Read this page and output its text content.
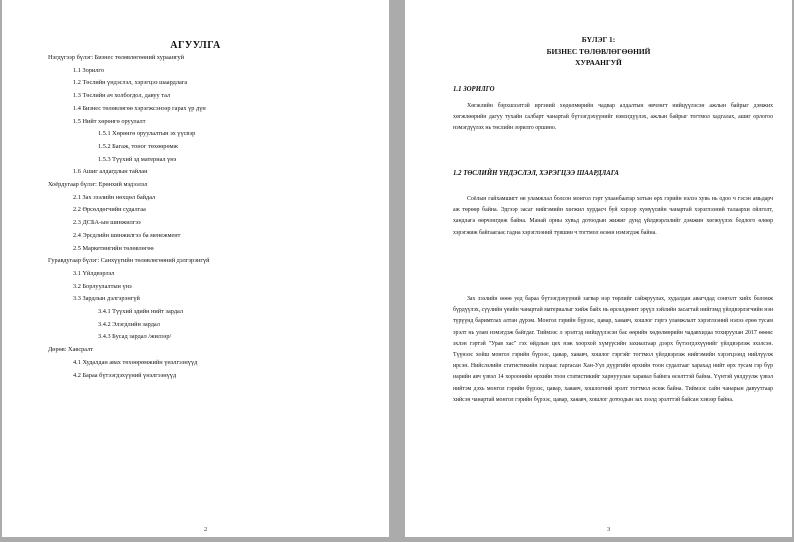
АГУУЛГА
Нэгдүгээр бүлэг: Бизнес төлөвлөгөөний хураангуй
1.1 Зорилго
1.2 Төслийн үндэслэл, хэрэгцээ шаардлага
1.3 Төслийн ач холбогдол, давуу тал
1.4 Бизнес төлөвлөгөө хэрэгжсэнээр гарах үр дүн
1.5 Нийт хөрөнгө оруулалт
1.5.1 Хөрөнгө оруулалтын эх үүсвэр
1.5.2 Багаж, тоног төхөөрөмж
1.5.3 Түүхий эд материал үнэ
1.6 Ашиг алдагдлын тайлан
Хоёрдугаар бүлэг: Ерөнхий мэдээлэл
2.1 Зах зээлийн нөхцөл байдал
2.2 Өрсөлдөгчийн судалгаа
2.3 ДСБА-ын шинжилгээ
2.4 Эрсдлийн шинжилгээ ба менежмент
2.5 Маркетингийн төлөвлөгөө
Гуравдугаар бүлэг: Санхүүгийн төлөвлөгөөний дэлгэрэнгүй
3.1 Үйлдвэрлэл
3.2 Борлуулалтын үнэ
3.3 Зардлын дэлгэрэнгүй
3.4.1 Түүхий эдийн нийт зардал
3.4.2 Элэгдлийн зардал
3.4.3 Бусад зардал /жилээр/
Дөрөв: Хавсралт
4.1 Худалдан авах төхөөрөмжийн үнэлгээнүүд
4.2 Бараа бүтээгдэхүүний үнэлгээнүүд
2
БҮЛЭГ 1:
БИЗНЕС ТӨЛӨВЛӨГӨӨНИЙ
ХУРААНГУЙ
1.1 ЗОРИЛГО
Хөгжлийн бэрхшээлтэй иргэний хөдөлмөрийн чадвар алдалтын өвчлөгт нийцүүлэсэн ажлын байрыг дэмжих хөгжлөөрийн дагуу тухайн салбарт чанартай бүтээгдэхүүнийг нэмэгдүүлэх, ажлын байрыг тогтмол хадгалах, ашиг орлогоо нэмэгдүүлэх нь төслийн зорилго оршино.
1.2 ТӨСЛИЙН ҮНДЭСЛЭЛ, ХЭРЭГЦЭЭ ШААРДЛАГА
Соёлын гайхамшигт өв уламжлал болсон монгол гэрт улаанбаатар хотын өрх гэрийн нэлээ хувь нь одоо ч гэсэн амьдарч аж төрөөр байна. Эдгээр засаг нийгэмийн хөгжил хурдасч буй хэрээр хүмүүсийн чанартай хэрэглээний талаархи ойлголт, хандлага өөрчлөгдөж байна. Манай орны хувьд дотоодын жижиг дунд үйлдвэрлэлийг дэмжин хөгжүүлэх бодлого өлөөр хэрэгжиж байгаагаас гадна хэрэглээний түвшин ч тогтмол өсөөн нэмэгдэж байна.
Зах зээлийн өөөө уед бараа бүтээгдэхүүний загвар нэр төрлийг сайжруулах, худалдан авагчдад сонголт хийх боломж бүрдүүлэх, сүүлийн үеийн чанартай материалыг хийж байх нь өрсөлдөөнт эрүүл зэйлийн засагтай нийгэмд үйлдвэрлэгчийн нэн түрүүнд баримтлах алтан дүрэм. Монгол гэрийн бүрээс, цавар, хаяавч, хошлог гэргэ уламжлалт хэрэглээний нэлээ ерөө тусам эрэлт нь улам нэмэгдэж байгдаг. Тиймээс л эрэлтэд нийцүүлэсэн бас өөрийн хөдөлмөрийн чадавхидаа тохируулан 2017 өөөөс эхлэн гэртэй "Урав хас" гэх өйдлын цех нэж хоорхой хүмүүсийн захиалгаар дээрх бүтээгдэхүүнийг үйлдвэрлэж эхэлсэн. Түүнээс хойш монгол гэрийн бүрээс, цавар, хаяавч, хошлог гэргэйг тогтмол үйлдвэрлэж нийгэмийн хэрэгцээнд нийлүүлж ирсэн. Нийслэлийн статистикийн газраас гаргасан Хан-Уул дүүргийн өрхийн тоон судалгааг харахад нийт өрх тусам гэр бүр нарийн авч үзвэл 14 хороонийн өрхийн тоон статистикийг харнууулан харавал байнга өсөлттэй байна. Үүнтэй уялдуулж үзвэл нийтэм дэхь монгол гэрийн бүрээс, цавар, хаяавч, хошлогний эрэлт тогтмол өсөж байна. Тиймээс сайн чанарын давуутгаар хийсэн чанартай монгол гэрийн бүрээс, цавар, хаяавч, хошлог дотоодын зах зээлд эрэлттэй байсан хэвээр байна.
3
